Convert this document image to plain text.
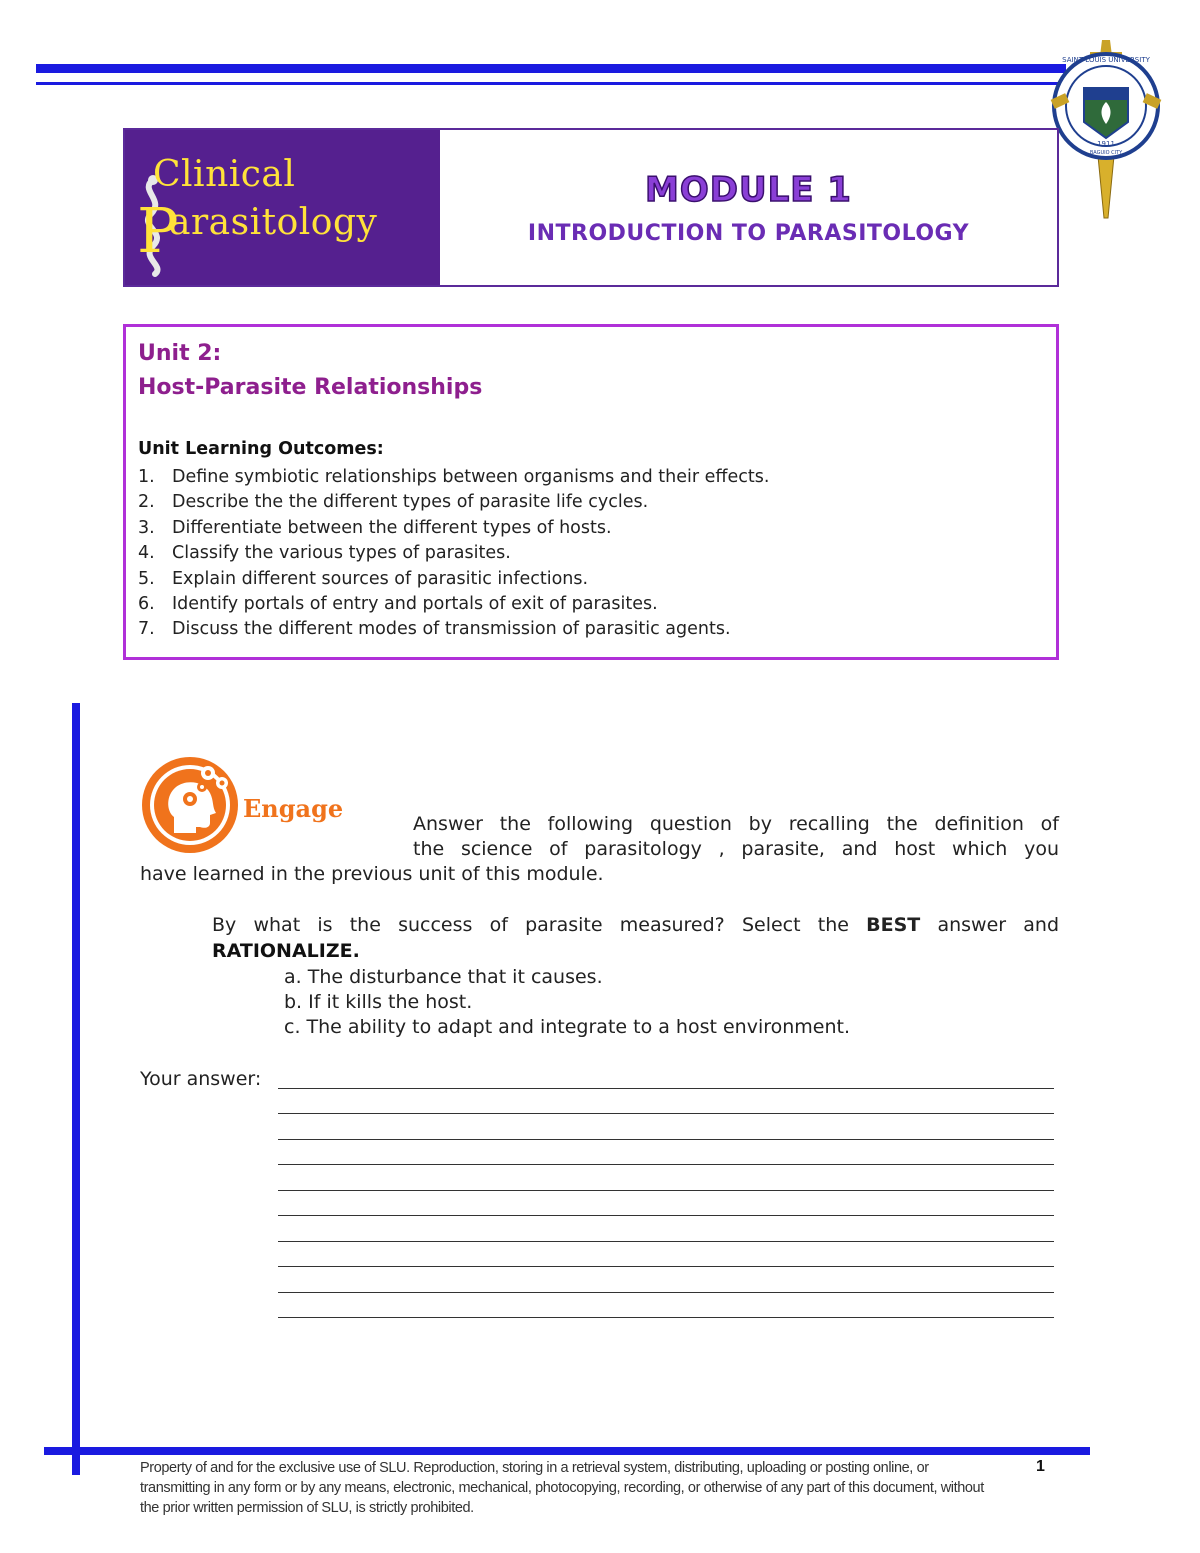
SAINT LOUIS UNIVERSITY
1911
BAGUIO CITY
Clinical
P
arasitology
MODULE 1
INTRODUCTION TO PARASITOLOGY
Unit 2:
Host-Parasite Relationships
Unit Learning Outcomes:
1. Define symbiotic relationships between organisms and their effects.
2. Describe the the different types of parasite life cycles.
3. Differentiate between the different types of hosts.
4. Classify the various types of parasites.
5. Explain different sources of parasitic infections.
6. Identify portals of entry and portals of exit of parasites.
7. Discuss the different modes of transmission of parasitic agents.
Engage
Answer the following question by recalling the definition of
the science of parasitology , parasite, and host which you
have learned in the previous unit of this module.
By what is the success of parasite measured? Select the BEST answer and
RATIONALIZE.
a. The disturbance that it causes.
b. If it kills the host.
c. The ability to adapt and integrate to a host environment.
Your answer:
Property of and for the exclusive use of SLU. Reproduction, storing in a retrieval system, distributing, uploading or posting online, or transmitting in any form or by any means, electronic, mechanical, photocopying, recording, or otherwise of any part of this document, without the prior written permission of SLU, is strictly prohibited.
1
